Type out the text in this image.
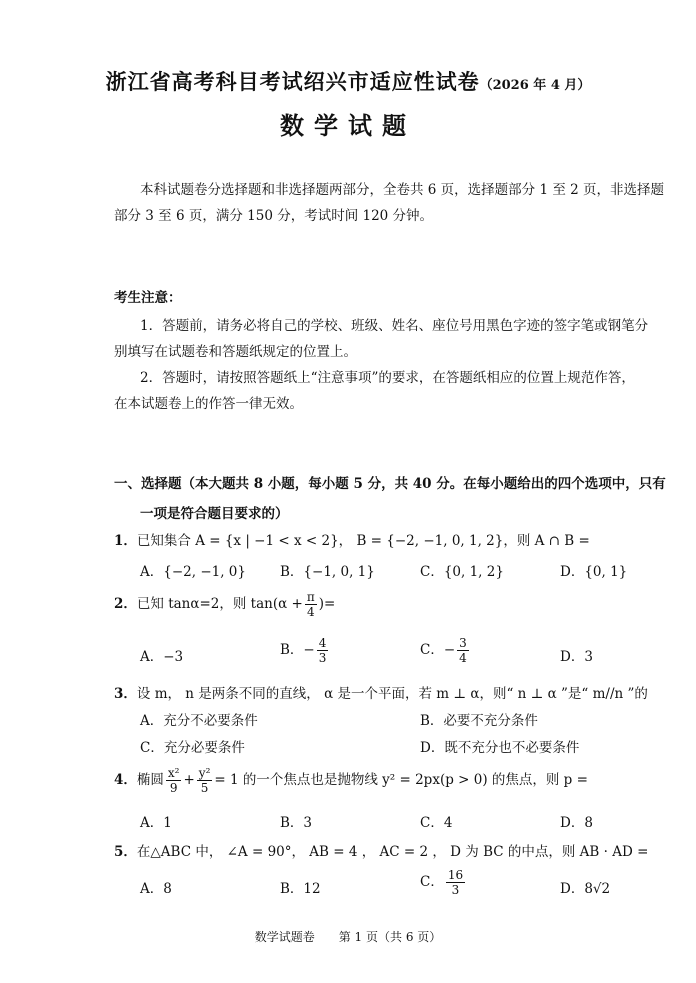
浙江省高考科目考试绍兴市适应性试卷（2026 年 4 月）
数学试题
本科试题卷分选择题和非选择题两部分，全卷共 6 页，选择题部分 1 至 2 页，非选择题
部分 3 至 6 页，满分 150 分，考试时间 120 分钟。
考生注意：
1．答题前，请务必将自己的学校、班级、姓名、座位号用黑色字迹的签字笔或钢笔分
别填写在试题卷和答题纸规定的位置上。
2．答题时，请按照答题纸上“注意事项”的要求，在答题纸相应的位置上规范作答，
在本试题卷上的作答一律无效。
一、选择题（本大题共 8 小题，每小题 5 分，共 40 分。在每小题给出的四个选项中，只有
一项是符合题目要求的）
1．已知集合 A = {x | −1 < x < 2}， B = {−2, −1, 0, 1, 2}，则 A ∩ B =
A．{−2, −1, 0}	B．{−1, 0, 1}	C．{0, 1, 2}	D．{0, 1}
2．已知 tanα=2，则 $\tan(\alpha + \frac{\pi}{4}$ )=
A．−3	B．− $\frac{4}{3}$	C．− $\frac{3}{4}$	D．3
3．设 m， n 是两条不同的直线， α 是一个平面，若 m ⊥ α，则“ n ⊥ α ”是“ m//n ”的
A．充分不必要条件	B．必要不充分条件
C．充分必要条件	D．既不充分也不必要条件
4．椭圆 $\frac{\text{x²}}{9} + \frac{\text{y²}}{5} = 1$ 的一个焦点也是抛物线 y² = 2px(p > 0) 的焦点，则 p =
A．1	B．3	C．4	D．8
5．在△ABC 中， ∠A = 90°， AB = 4 ， AC = 2 ， D 为 BC 的中点，则 AB · AD =
A．8	B．12	C． $\frac{16}{3}$	D．8√2
数学试题卷　　第 1 页（共 6 页）
